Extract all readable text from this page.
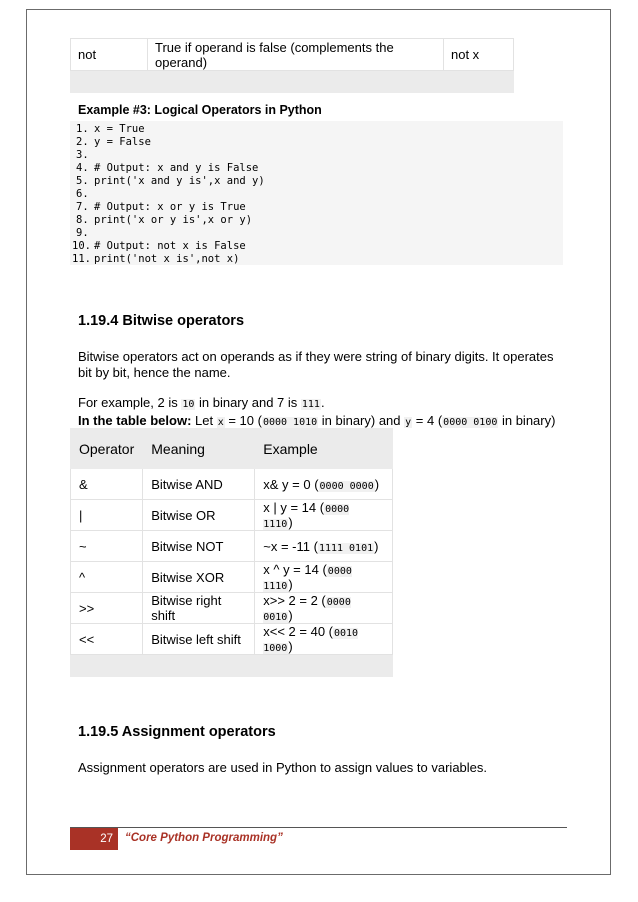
not	True if operand is false (complements the operand)	not x

Example #3: Logical Operators in Python
1. x = True
2. y = False
3.
4. # Output: x and y is False
5. print('x and y is',x and y)
6.
7. # Output: x or y is True
8. print('x or y is',x or y)
9.
10. # Output: not x is False
11. print('not x is',not x)
1.19.4 Bitwise operators
Bitwise operators act on operands as if they were string of binary digits. It operates bit by bit, hence the name.
For example, 2 is 10 in binary and 7 is 111.
In the table below: Let x = 10 (0000 1010 in binary) and y = 4 (0000 0100 in binary)
Operator	Meaning	Example
&	Bitwise AND	x& y = 0 (0000 0000)
|	Bitwise OR	x | y = 14 (0000 1110)
~	Bitwise NOT	~x = -11 (1111 0101)
^	Bitwise XOR	x ^ y = 14 (0000 1110)
>>	Bitwise right shift	x>> 2 = 2 (0000 0010)
<<	Bitwise left shift	x<< 2 = 40 (0010 1000)

1.19.5 Assignment operators
Assignment operators are used in Python to assign values to variables.
27	“Core Python Programming”
